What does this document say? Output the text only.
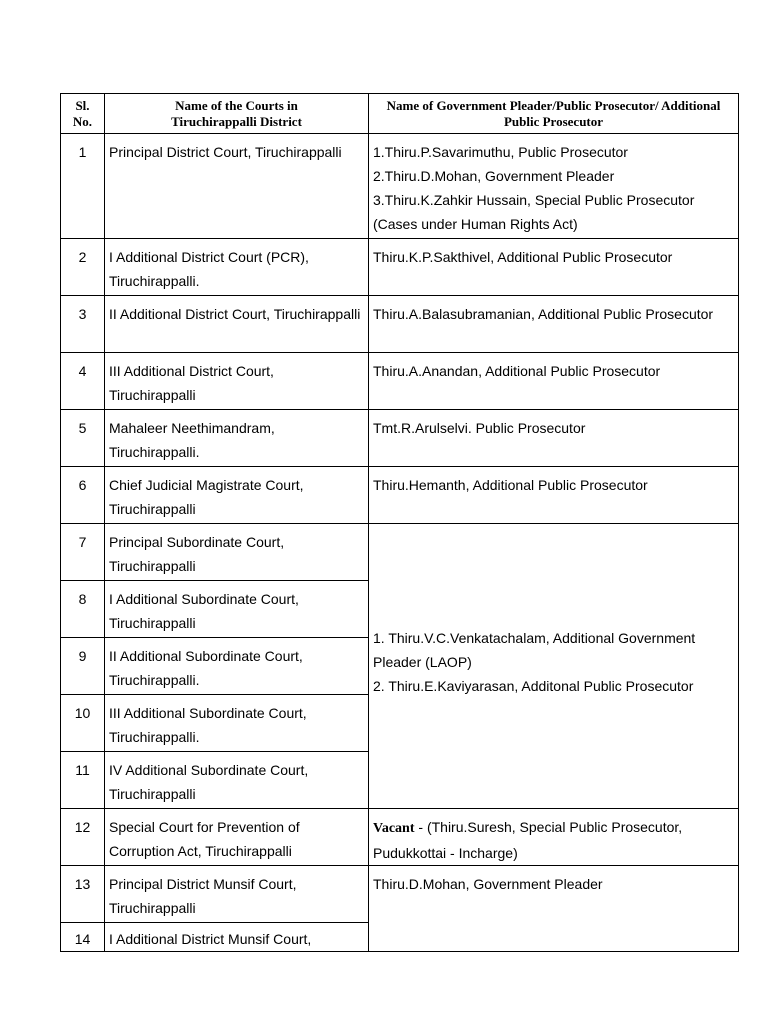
Sl. No.	Name of the Courts in Tiruchirappalli District	Name of Government Pleader/Public Prosecutor/ Additional Public Prosecutor
1	Principal District Court, Tiruchirappalli	1.Thiru.P.Savarimuthu, Public Prosecutor
2.Thiru.D.Mohan, Government Pleader
3.Thiru.K.Zahkir Hussain, Special Public Prosecutor
(Cases under Human Rights Act)

2	I Additional District Court (PCR), Tiruchirappalli.	Thiru.K.P.Sakthivel, Additional Public Prosecutor
3	II Additional District Court, Tiruchirappalli	Thiru.A.Balasubramanian, Additional Public Prosecutor
4	III Additional District Court, Tiruchirappalli	Thiru.A.Anandan, Additional Public Prosecutor
5	Mahaleer Neethimandram, Tiruchirappalli.	Tmt.R.Arulselvi. Public Prosecutor
6	Chief Judicial Magistrate Court, Tiruchirappalli	Thiru.Hemanth, Additional Public Prosecutor
7	Principal Subordinate Court, Tiruchirappalli	1. Thiru.V.C.Venkatachalam, Additional Government Pleader (LAOP)
2. Thiru.E.Kaviyarasan, Additonal Public Prosecutor

8	I Additional Subordinate Court, Tiruchirappalli	
9	II Additional Subordinate Court, Tiruchirappalli.	
10	III Additional Subordinate Court, Tiruchirappalli.	
11	IV Additional Subordinate Court, Tiruchirappalli	
12	Special Court for Prevention of Corruption Act, Tiruchirappalli	Vacant - (Thiru.Suresh, Special Public Prosecutor, Pudukkottai - Incharge)
13	Principal District Munsif Court, Tiruchirappalli	Thiru.D.Mohan, Government Pleader
14	I Additional District Munsif Court,	
